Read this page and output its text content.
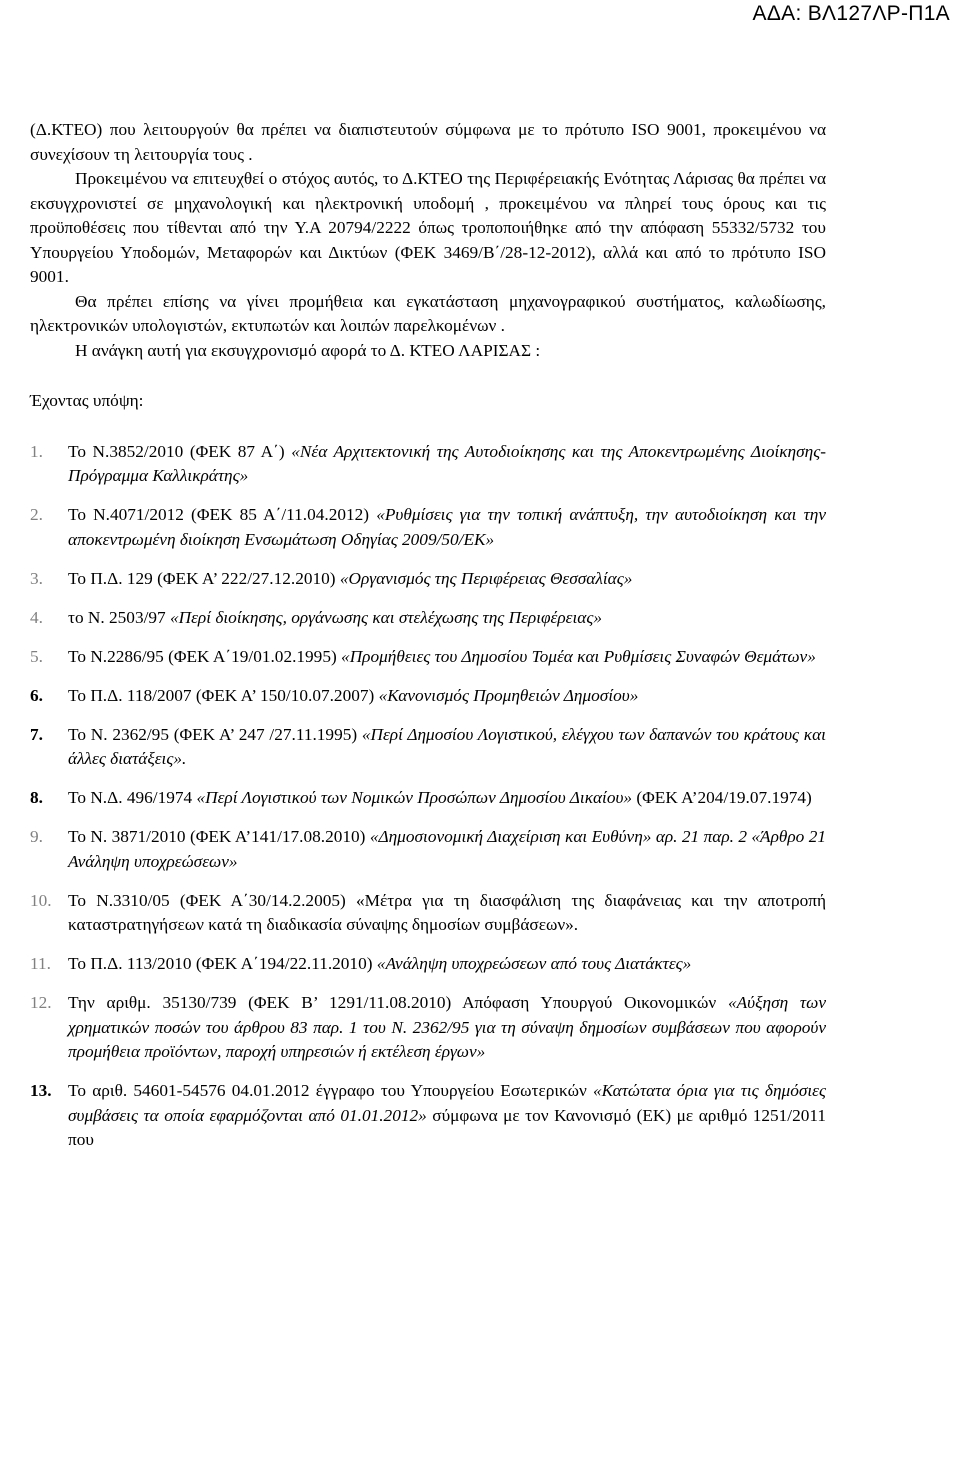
ΑΔΑ: ΒΛ127ΛΡ-Π1Α

(Δ.ΚΤΕΟ) που λειτουργούν θα πρέπει να διαπιστευτούν σύμφωνα με το πρότυπο ISO 9001, προκειμένου να συνεχίσουν τη λειτουργία τους .

Προκειμένου να επιτευχθεί ο στόχος αυτός, το Δ.ΚΤΕΟ της Περιφέρειακής Ενότητας Λάρισας θα πρέπει να εκσυγχρονιστεί σε μηχανολογική και ηλεκτρονική υποδομή , προκειμένου να πληρεί τους όρους και τις προϋποθέσεις που τίθενται από την Υ.Α 20794/2222 όπως τροποποιήθηκε από την απόφαση 55332/5732 του Υπουργείου Υποδομών, Μεταφορών και Δικτύων (ΦΕΚ 3469/Β΄/28-12-2012), αλλά και από το πρότυπο ISO 9001.

Θα πρέπει επίσης να γίνει προμήθεια και εγκατάσταση μηχανογραφικού συστήματος, καλωδίωσης, ηλεκτρονικών υπολογιστών, εκτυπωτών και λοιπών παρελκομένων .

Η ανάγκη αυτή για εκσυγχρονισμό αφορά το Δ. ΚΤΕΟ ΛΑΡΙΣΑΣ :

Έχοντας υπόψη:
1.	Το Ν.3852/2010 (ΦΕΚ 87 Α΄) «Νέα Αρχιτεκτονική της Αυτοδιοίκησης και της Αποκεντρωμένης Διοίκησης-Πρόγραμμα Καλλικράτης»
2.	Το Ν.4071/2012 (ΦΕΚ 85 Α΄/11.04.2012) «Ρυθμίσεις για την τοπική ανάπτυξη, την αυτοδιοίκηση και την αποκεντρωμένη διοίκηση Ενσωμάτωση Οδηγίας 2009/50/ΕΚ»
3.	Το Π.Δ. 129 (ΦΕΚ Α’ 222/27.12.2010) «Οργανισμός της Περιφέρειας Θεσσαλίας»
4.	το Ν. 2503/97 «Περί διοίκησης, οργάνωσης και στελέχωσης της Περιφέρειας»
5.	Το Ν.2286/95 (ΦΕΚ Α΄19/01.02.1995) «Προμήθειες του Δημοσίου Τομέα και Ρυθμίσεις Συναφών Θεμάτων»
6.	Το Π.Δ. 118/2007 (ΦΕΚ Α’ 150/10.07.2007) «Κανονισμός Προμηθειών Δημοσίου»
7.	Το Ν. 2362/95 (ΦΕΚ Α’ 247 /27.11.1995) «Περί Δημοσίου Λογιστικού, ελέγχου των δαπανών του κράτους και άλλες διατάξεις».
8.	Το Ν.Δ. 496/1974 «Περί Λογιστικού των Νομικών Προσώπων Δημοσίου Δικαίου» (ΦΕΚ Α’204/19.07.1974)
9.	Το Ν. 3871/2010 (ΦΕΚ Α’141/17.08.2010) «Δημοσιονομική Διαχείριση και Ευθύνη» αρ. 21 παρ. 2 «Άρθρο 21 Ανάληψη υποχρεώσεων»
10. Το Ν.3310/05 (ΦΕΚ Α΄30/14.2.2005) «Μέτρα για τη διασφάλιση της διαφάνειας και την αποτροπή καταστρατηγήσεων κατά τη διαδικασία σύναψης δημοσίων συμβάσεων».
11. Το Π.Δ. 113/2010 (ΦΕΚ Α΄194/22.11.2010) «Ανάληψη υποχρεώσεων από τους Διατάκτες»
12. Την αριθμ. 35130/739 (ΦΕΚ Β’ 1291/11.08.2010) Απόφαση Υπουργού Οικονομικών «Αύξηση των χρηματικών ποσών του άρθρου 83 παρ. 1 του Ν. 2362/95 για τη σύναψη δημοσίων συμβάσεων που αφορούν προμήθεια προϊόντων, παροχή υπηρεσιών ή εκτέλεση έργων»
13. Το αριθ. 54601-54576 04.01.2012 έγγραφο του Υπουργείου Εσωτερικών «Κατώτατα όρια για τις δημόσιες συμβάσεις τα οποία εφαρμόζονται από 01.01.2012» σύμφωνα με τον Κανονισμό (ΕΚ) με αριθμό 1251/2011 που
